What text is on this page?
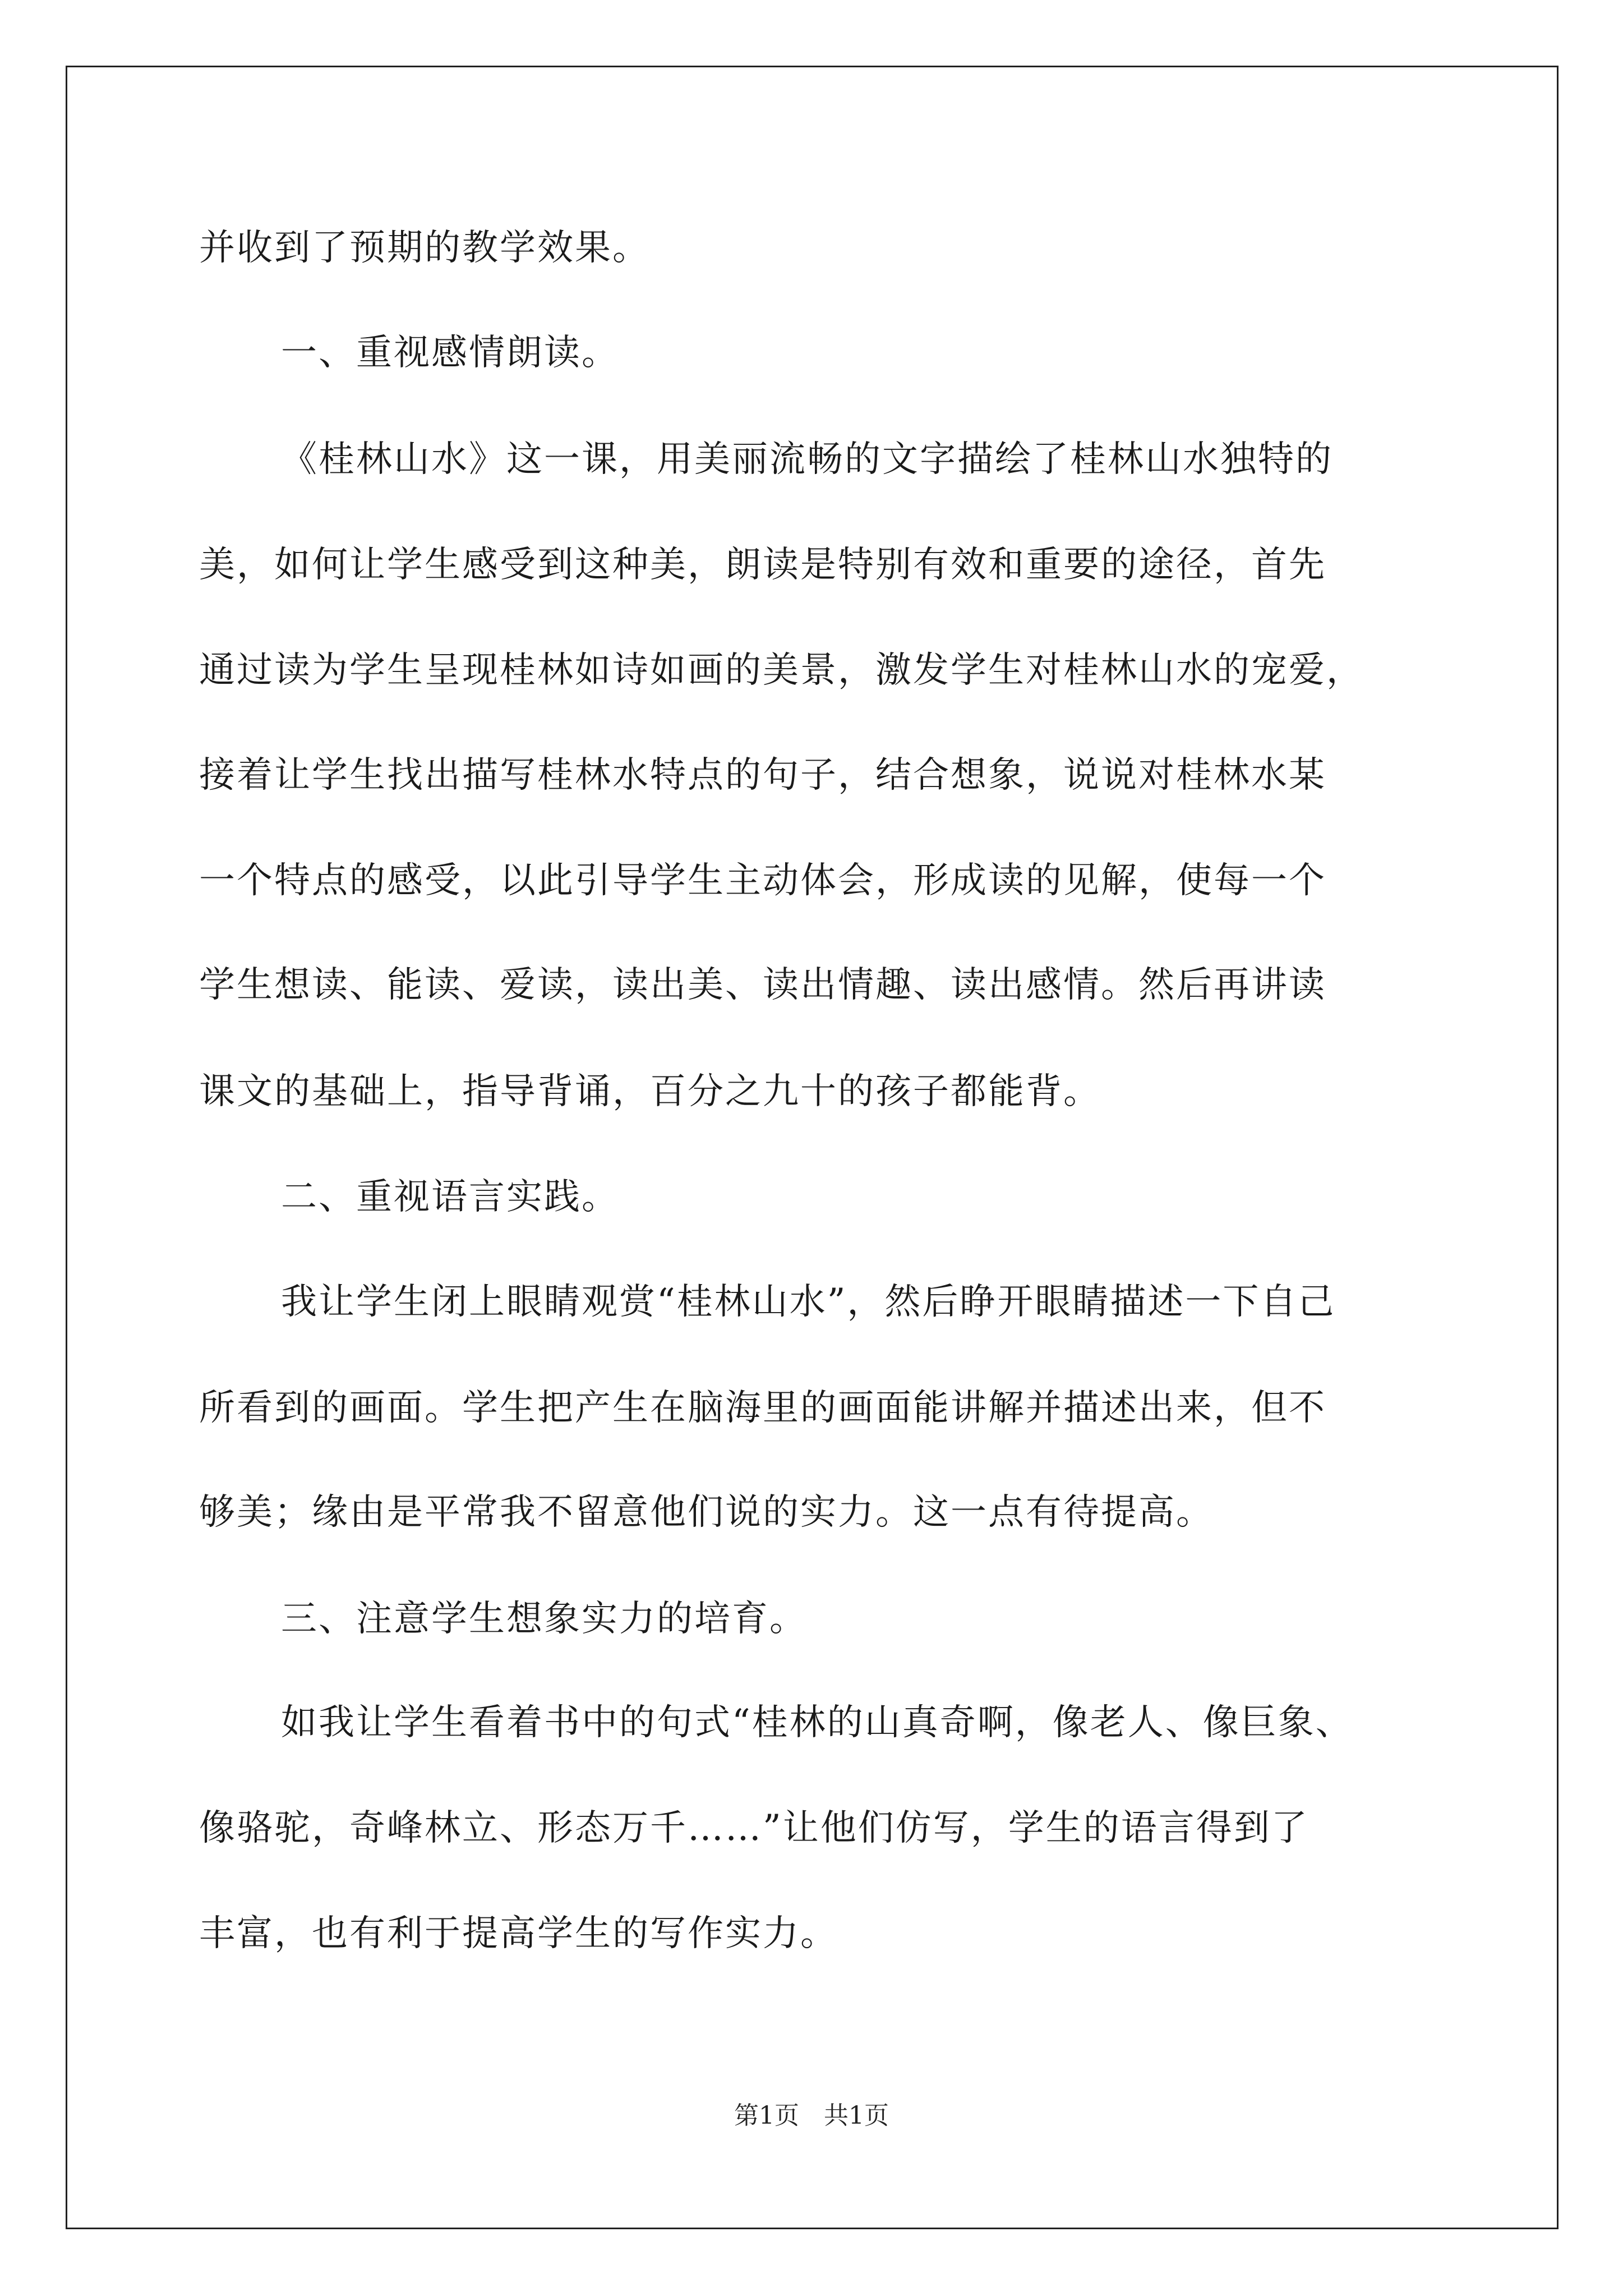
并收到了预期的教学效果。
一、重视感情朗读。
《桂林山水》这一课，用美丽流畅的文字描绘了桂林山水独特的
美，如何让学生感受到这种美，朗读是特别有效和重要的途径，首先
通过读为学生呈现桂林如诗如画的美景，激发学生对桂林山水的宠爱，
接着让学生找出描写桂林水特点的句子，结合想象，说说对桂林水某
一个特点的感受，以此引导学生主动体会，形成读的见解，使每一个
学生想读、能读、爱读，读出美、读出情趣、读出感情。然后再讲读
课文的基础上，指导背诵，百分之九十的孩子都能背。
二、重视语言实践。
我让学生闭上眼睛观赏“桂林山水”，然后睁开眼睛描述一下自己
所看到的画面。学生把产生在脑海里的画面能讲解并描述出来，但不
够美；缘由是平常我不留意他们说的实力。这一点有待提高。
三、注意学生想象实力的培育。
如我让学生看着书中的句式“桂林的山真奇啊，像老人、像巨象、
像骆驼，奇峰林立、形态万千……”让他们仿写，学生的语言得到了
丰富，也有利于提高学生的写作实力。
第1页　共1页
